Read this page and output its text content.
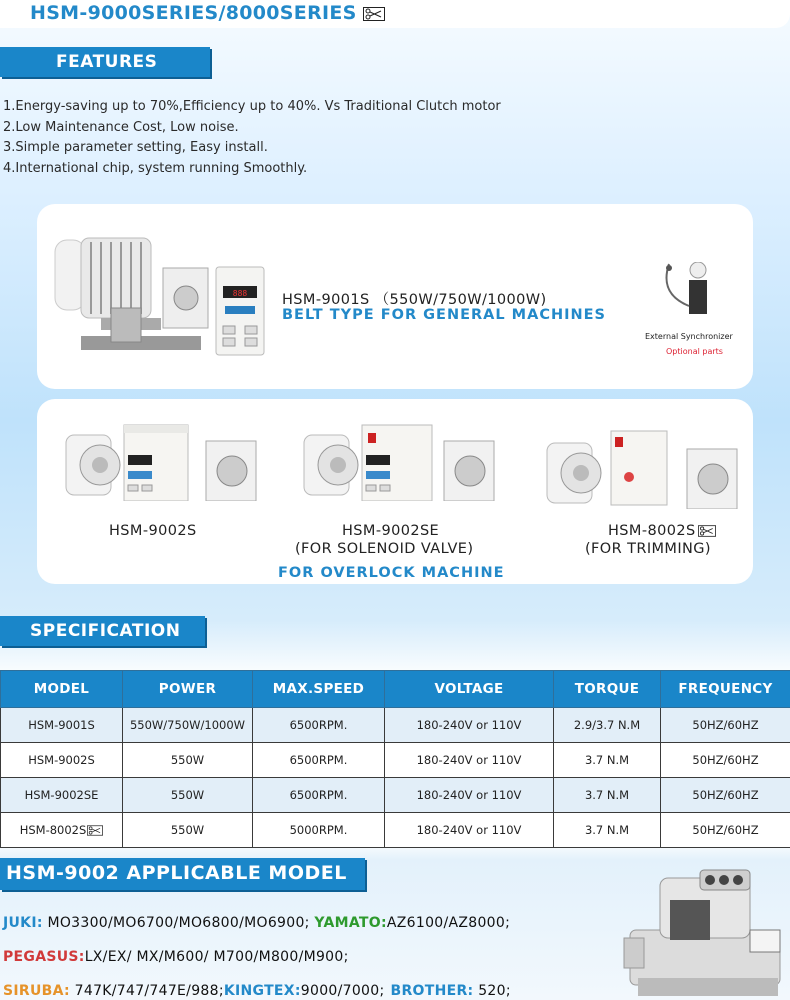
HSM-9000SERIES/8000SERIES
FEATURES
1.Energy-saving up to 70%,Efficiency up to 40%. Vs Traditional Clutch motor
2.Low Maintenance Cost, Low noise.
3.Simple parameter setting, Easy install.
4.International chip, system running Smoothly.
888 HSM-9001S （550W/750W/1000W)
BELT TYPE FOR GENERAL MACHINES
External Synchronizer
Optional parts
HSM-9002S	HSM-9002SE
(FOR SOLENOID VALVE)
HSM-8002S
(FOR TRIMMING)
FOR OVERLOCK MACHINE
SPECIFICATION
MODEL	POWER	MAX.SPEED	VOLTAGE	TORQUE	FREQUENCY
HSM-9001S	550W/750W/1000W	6500RPM.	180-240V or 110V	2.9/3.7 N.M	50HZ/60HZ
HSM-9002S	550W	6500RPM.	180-240V or 110V	3.7 N.M	50HZ/60HZ
HSM-9002SE	550W	6500RPM.	180-240V or 110V	3.7 N.M	50HZ/60HZ
HSM-8002S	550W	5000RPM.	180-240V or 110V	3.7 N.M	50HZ/60HZ
HSM-9002 APPLICABLE MODEL
JUKI: MO3300/MO6700/MO6800/MO6900; YAMATO:AZ6100/AZ8000;
PEGASUS:LX/EX/ MX/M600/ M700/M800/M900;
SIRUBA: 747K/747/747E/988;KINGTEX:9000/7000; BROTHER: 520;
